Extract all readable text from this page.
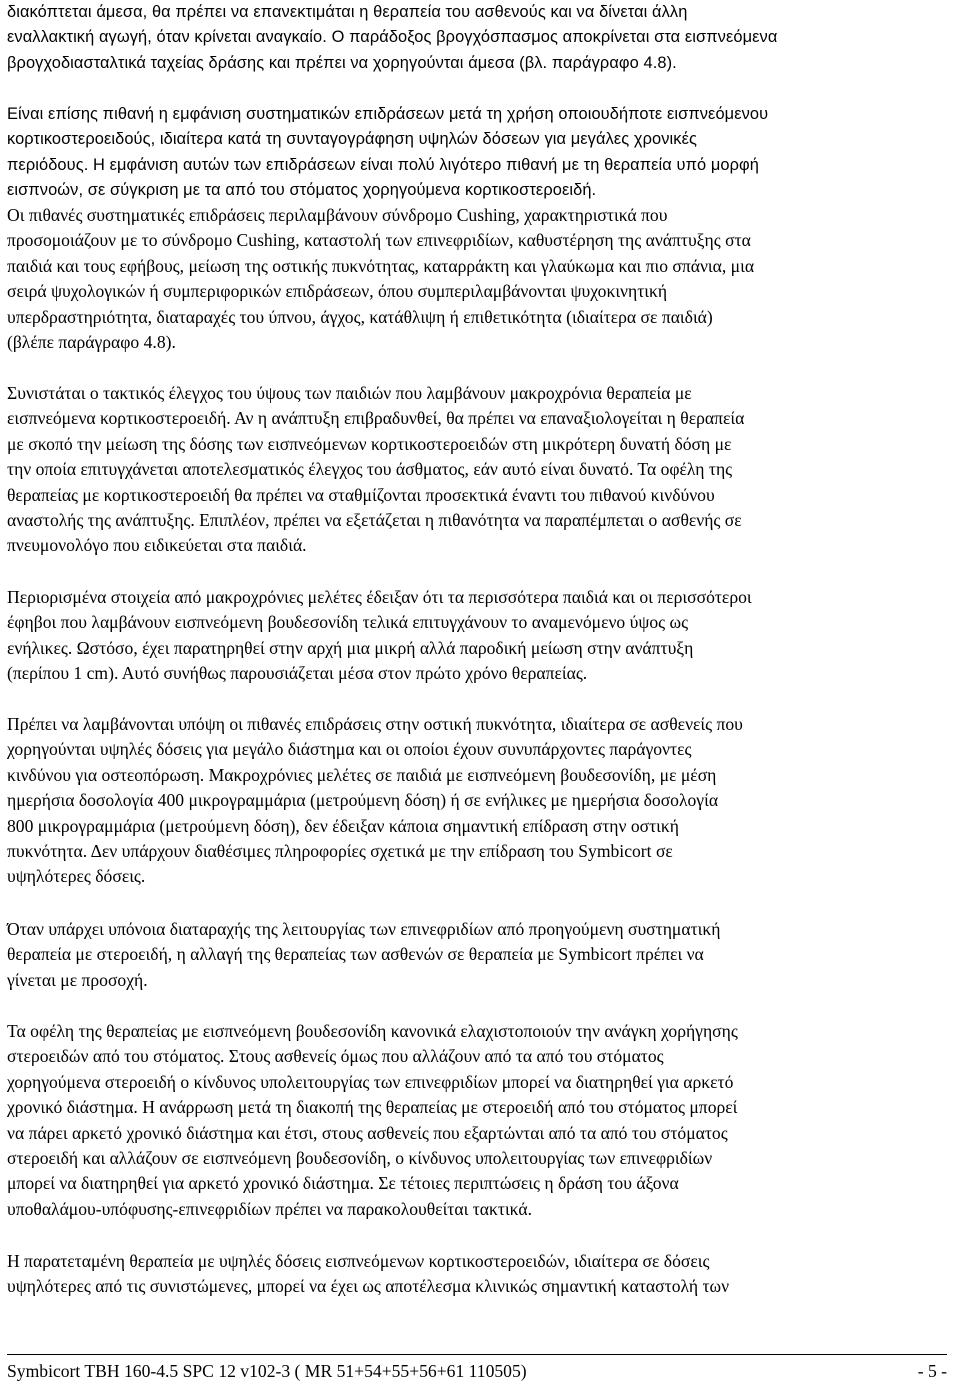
διακόπτεται άμεσα, θα πρέπει να επανεκτιμάται η θεραπεία του ασθενούς και να δίνεται άλλη
εναλλακτική αγωγή, όταν κρίνεται αναγκαίο. Ο παράδοξος βρογχόσπασμος αποκρίνεται στα εισπνεόμενα
βρογχοδιασταλτικά ταχείας δράσης και πρέπει να χορηγούνται άμεσα (βλ. παράγραφο 4.8).
Είναι επίσης πιθανή η εμφάνιση συστηματικών επιδράσεων μετά τη χρήση οποιουδήποτε εισπνεόμενου
κορτικοστεροειδούς, ιδιαίτερα κατά τη συνταγογράφηση υψηλών δόσεων για μεγάλες χρονικές
περιόδους. Η εμφάνιση αυτών των επιδράσεων είναι πολύ λιγότερο πιθανή με τη θεραπεία υπό μορφή
εισπνοών, σε σύγκριση με τα από του στόματος χορηγούμενα κορτικοστεροειδή.
Οι πιθανές συστηματικές επιδράσεις περιλαμβάνουν σύνδρομο Cushing, χαρακτηριστικά που
προσομοιάζουν με το σύνδρομο Cushing, καταστολή των επινεφριδίων, καθυστέρηση της ανάπτυξης στα
παιδιά και τους εφήβους, μείωση της οστικής πυκνότητας, καταρράκτη και γλαύκωμα και πιο σπάνια, μια
σειρά ψυχολογικών ή συμπεριφορικών επιδράσεων, όπου συμπεριλαμβάνονται ψυχοκινητική
υπερδραστηριότητα, διαταραχές του ύπνου, άγχος, κατάθλιψη ή επιθετικότητα (ιδιαίτερα σε παιδιά)
(βλέπε παράγραφο 4.8).
Συνιστάται ο τακτικός έλεγχος του ύψους των παιδιών που λαμβάνουν μακροχρόνια θεραπεία με
εισπνεόμενα κορτικοστεροειδή. Αν η ανάπτυξη επιβραδυνθεί, θα πρέπει να επαναξιολογείται η θεραπεία
με σκοπό την μείωση της δόσης των εισπνεόμενων κορτικοστεροειδών στη μικρότερη δυνατή δόση με
την οποία επιτυγχάνεται αποτελεσματικός έλεγχος του άσθματος, εάν αυτό είναι δυνατό. Τα οφέλη της
θεραπείας με κορτικοστεροειδή θα πρέπει να σταθμίζονται προσεκτικά έναντι του πιθανού κινδύνου
αναστολής της ανάπτυξης. Επιπλέον, πρέπει να εξετάζεται η πιθανότητα να παραπέμπεται ο ασθενής σε
πνευμονολόγο που ειδικεύεται στα παιδιά.
Περιορισμένα στοιχεία από μακροχρόνιες μελέτες έδειξαν ότι τα περισσότερα παιδιά και οι περισσότεροι
έφηβοι που λαμβάνουν εισπνεόμενη βουδεσονίδη τελικά επιτυγχάνουν το αναμενόμενο ύψος ως
ενήλικες. Ωστόσο, έχει παρατηρηθεί στην αρχή μια μικρή αλλά παροδική μείωση στην ανάπτυξη
(περίπου 1 cm). Αυτό συνήθως παρουσιάζεται μέσα στον πρώτο χρόνο θεραπείας.
Πρέπει να λαμβάνονται υπόψη οι πιθανές επιδράσεις στην οστική πυκνότητα, ιδιαίτερα σε ασθενείς που
χορηγούνται υψηλές δόσεις για μεγάλο διάστημα και οι οποίοι έχουν συνυπάρχοντες παράγοντες
κινδύνου για οστεοπόρωση. Μακροχρόνιες μελέτες σε παιδιά με εισπνεόμενη βουδεσονίδη, με μέση
ημερήσια δοσολογία 400 μικρογραμμάρια (μετρούμενη δόση) ή σε ενήλικες με ημερήσια δοσολογία
800 μικρογραμμάρια (μετρούμενη δόση), δεν έδειξαν κάποια σημαντική επίδραση στην οστική
πυκνότητα. Δεν υπάρχουν διαθέσιμες πληροφορίες σχετικά με την επίδραση του Symbicort σε
υψηλότερες δόσεις.
Όταν υπάρχει υπόνοια διαταραχής της λειτουργίας των επινεφριδίων από προηγούμενη συστηματική
θεραπεία με στεροειδή, η αλλαγή της θεραπείας των ασθενών σε θεραπεία με Symbicort πρέπει να
γίνεται με προσοχή.
Τα οφέλη της θεραπείας με εισπνεόμενη βουδεσονίδη κανονικά ελαχιστοποιούν την ανάγκη χορήγησης
στεροειδών από του στόματος. Στους ασθενείς όμως που αλλάζουν από τα από του στόματος
χορηγούμενα στεροειδή ο κίνδυνος υπολειτουργίας των επινεφριδίων μπορεί να διατηρηθεί για αρκετό
χρονικό διάστημα. Η ανάρρωση μετά τη διακοπή της θεραπείας με στεροειδή από του στόματος μπορεί
να πάρει αρκετό χρονικό διάστημα και έτσι, στους ασθενείς που εξαρτώνται από τα από του στόματος
στεροειδή και αλλάζουν σε εισπνεόμενη βουδεσονίδη, ο κίνδυνος υπολειτουργίας των επινεφριδίων
μπορεί να διατηρηθεί για αρκετό χρονικό διάστημα. Σε τέτοιες περιπτώσεις η δράση του άξονα
υποθαλάμου-υπόφυσης-επινεφριδίων πρέπει να παρακολουθείται τακτικά.
Η παρατεταμένη θεραπεία με υψηλές δόσεις εισπνεόμενων κορτικοστεροειδών, ιδιαίτερα σε δόσεις
υψηλότερες από τις συνιστώμενες, μπορεί να έχει ως αποτέλεσμα κλινικώς σημαντική καταστολή των
Symbicort TBH 160-4.5 SPC 12 v102-3 ( MR 51+54+55+56+61 110505)	- 5 -
